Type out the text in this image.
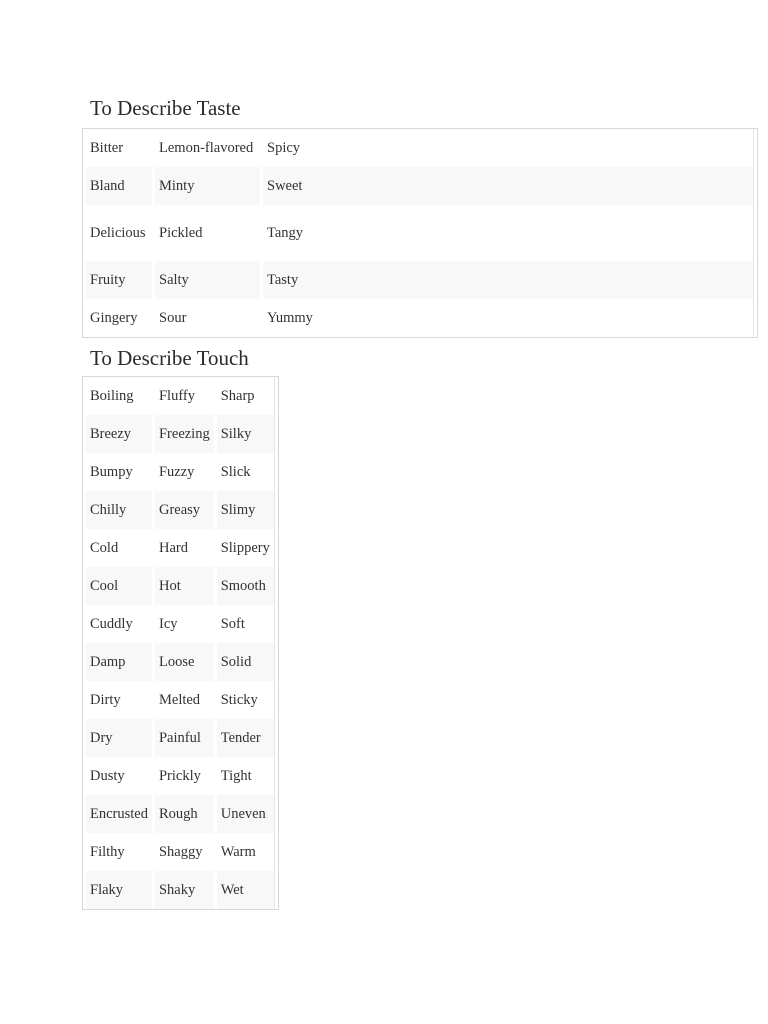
To Describe Taste
Bitter	Lemon-flavored	Spicy
Bland	Minty	Sweet
Delicious	Pickled	Tangy
Fruity	Salty	Tasty
Gingery	Sour	Yummy
To Describe Touch
Boiling	Fluffy	Sharp
Breezy	Freezing	Silky
Bumpy	Fuzzy	Slick
Chilly	Greasy	Slimy
Cold	Hard	Slippery
Cool	Hot	Smooth
Cuddly	Icy	Soft
Damp	Loose	Solid
Dirty	Melted	Sticky
Dry	Painful	Tender
Dusty	Prickly	Tight
Encrusted	Rough	Uneven
Filthy	Shaggy	Warm
Flaky	Shaky	Wet
